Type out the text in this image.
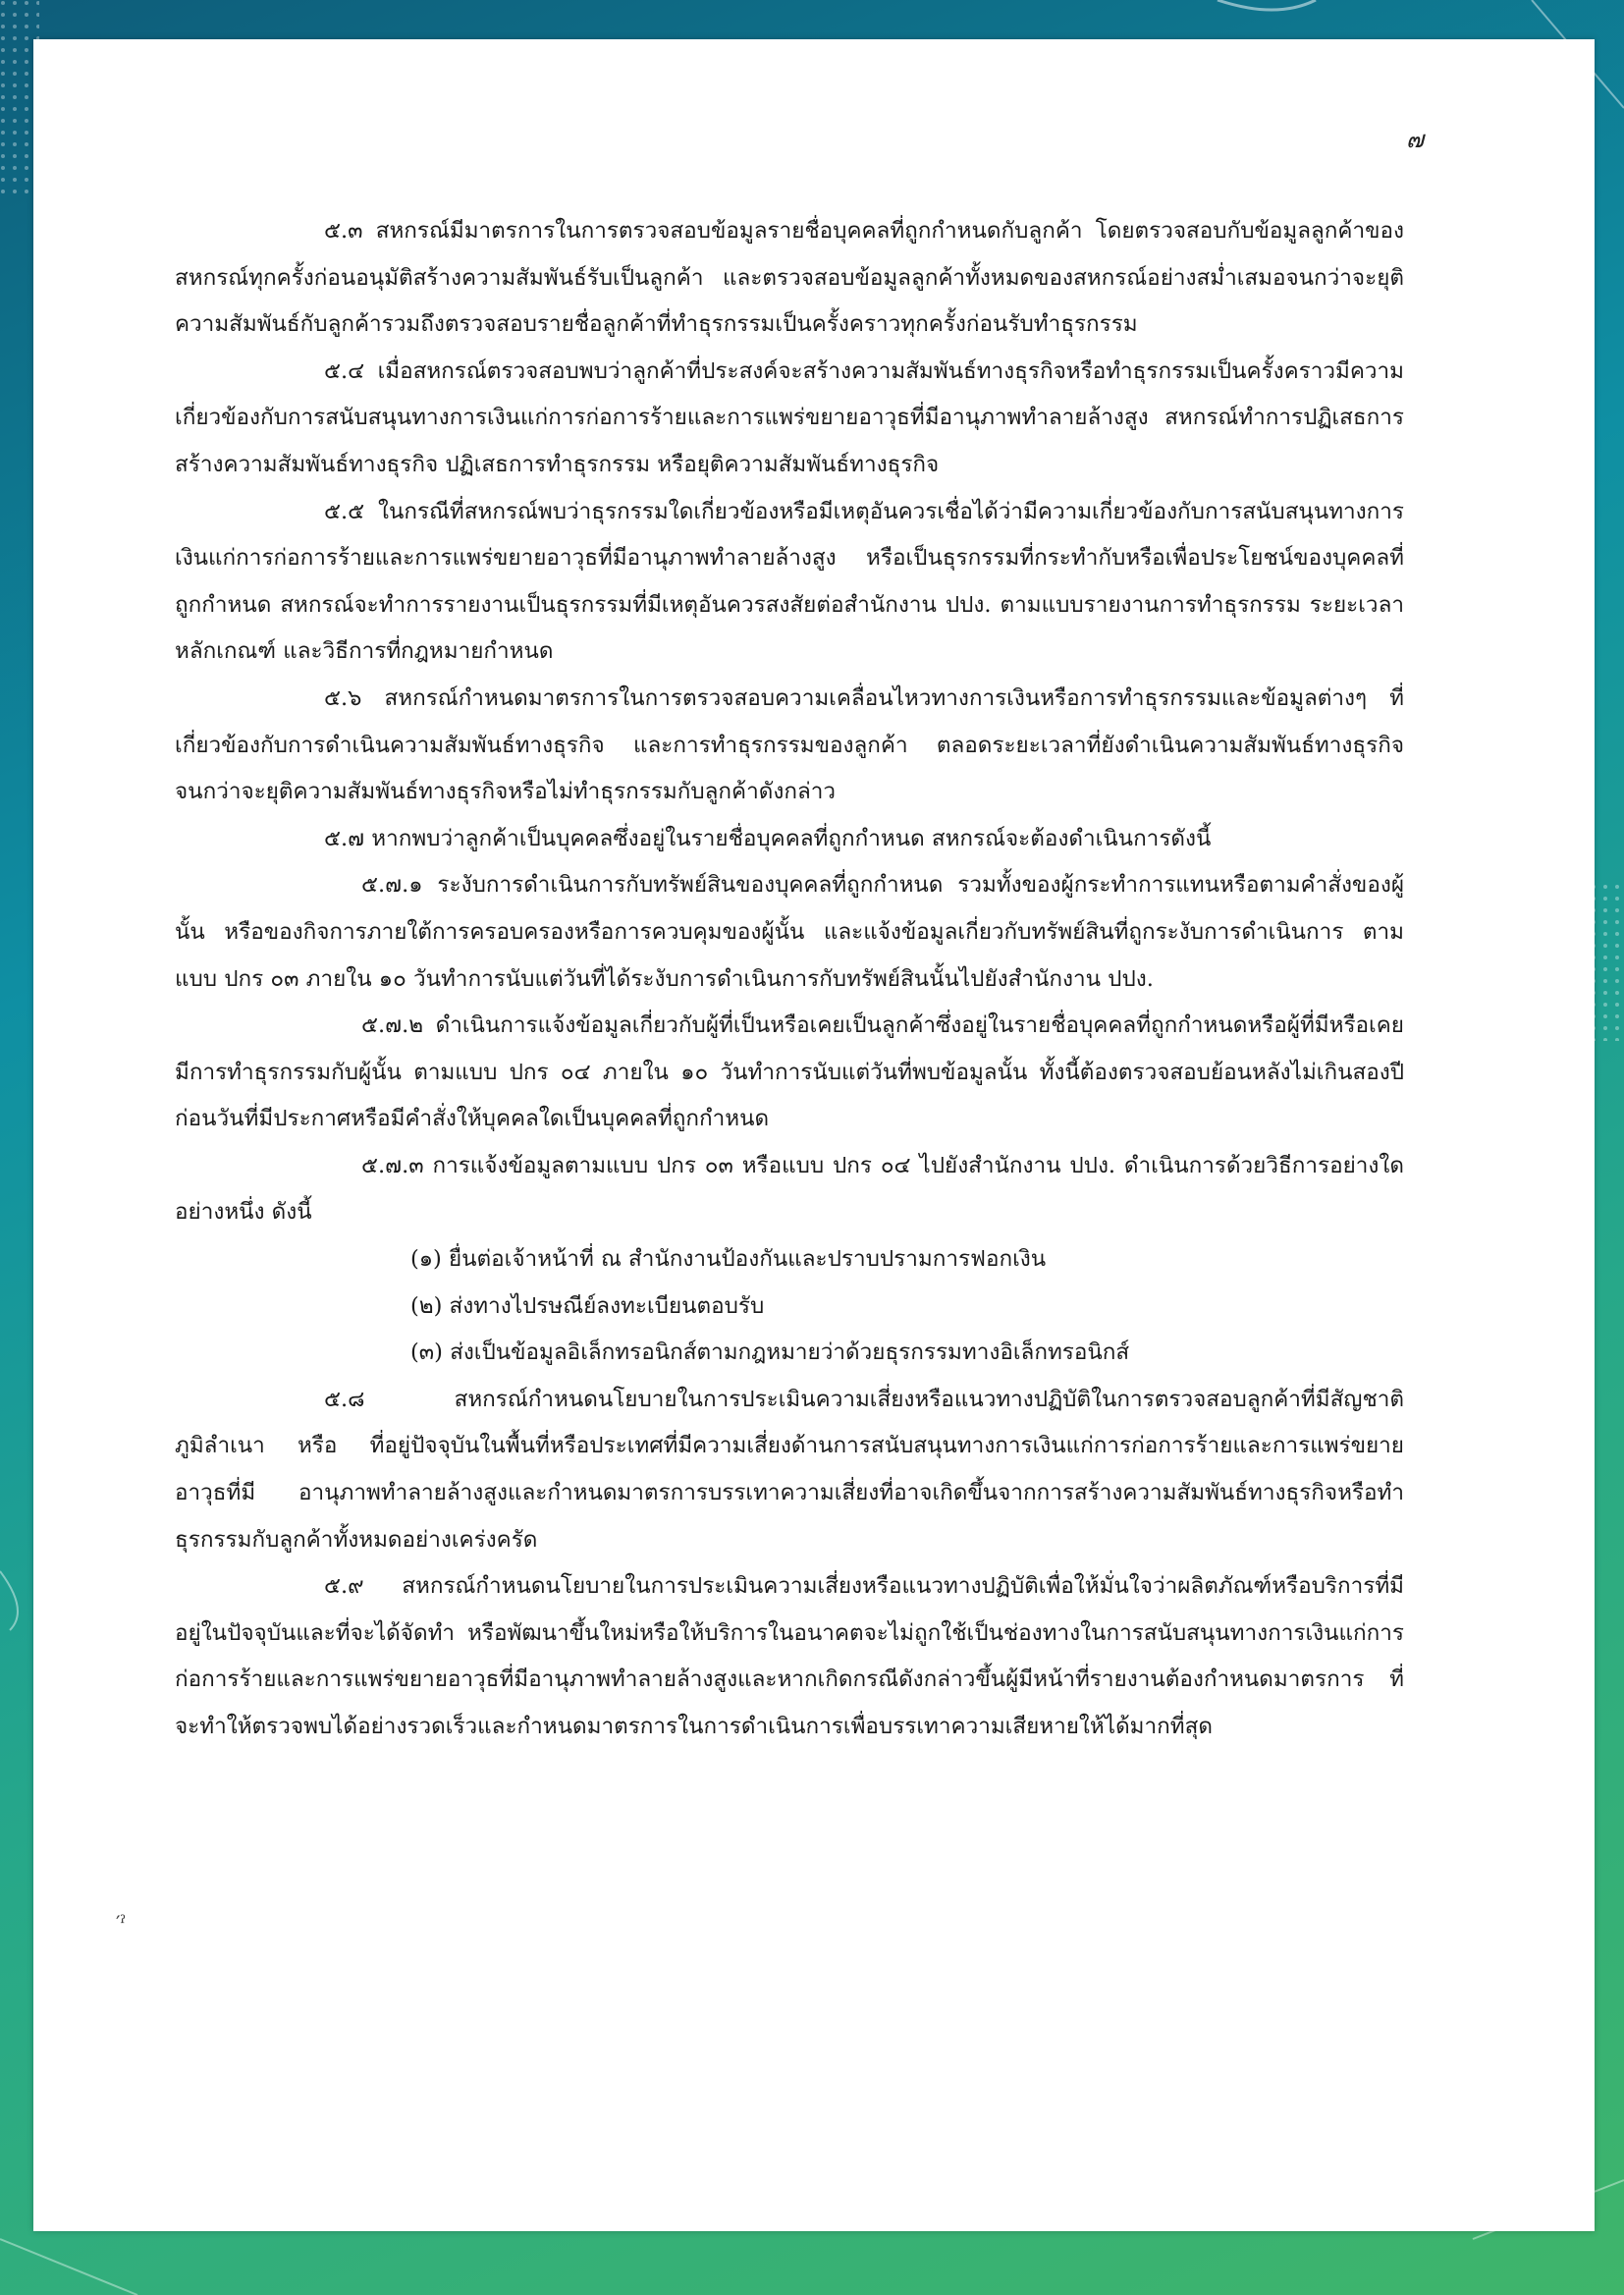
๗

๕.๓ สหกรณ์มีมาตรการในการตรวจสอบข้อมูลรายชื่อบุคคลที่ถูกกำหนดกับลูกค้า โดยตรวจสอบกับข้อมูลลูกค้าของสหกรณ์ทุกครั้งก่อนอนุมัติสร้างความสัมพันธ์รับเป็นลูกค้า และตรวจสอบข้อมูลลูกค้าทั้งหมดของสหกรณ์อย่างสม่ำเสมอจนกว่าจะยุติ ความสัมพันธ์กับลูกค้ารวมถึงตรวจสอบรายชื่อลูกค้าที่ทำธุรกรรมเป็นครั้งคราวทุกครั้งก่อนรับทำธุรกรรม

๕.๔ เมื่อสหกรณ์ตรวจสอบพบว่าลูกค้าที่ประสงค์จะสร้างความสัมพันธ์ทางธุรกิจหรือทำธุรกรรมเป็นครั้งคราวมีความเกี่ยวข้องกับการสนับสนุนทางการเงินแก่การก่อการร้ายและการแพร่ขยายอาวุธที่มีอานุภาพทำลายล้างสูง สหกรณ์ทำการปฏิเสธการสร้างความสัมพันธ์ทางธุรกิจ ปฏิเสธการทำธุรกรรม หรือยุติความสัมพันธ์ทางธุรกิจ

๕.๕ ในกรณีที่สหกรณ์พบว่าธุรกรรมใดเกี่ยวข้องหรือมีเหตุอันควรเชื่อได้ว่ามีความเกี่ยวข้องกับการสนับสนุนทางการเงินแก่การก่อการร้ายและการแพร่ขยายอาวุธที่มีอานุภาพทำลายล้างสูง หรือเป็นธุรกรรมที่กระทำกับหรือเพื่อประโยชน์ของบุคคลที่ถูกกำหนด สหกรณ์จะทำการรายงานเป็นธุรกรรมที่มีเหตุอันควรสงสัยต่อสำนักงาน ปปง. ตามแบบรายงานการทำธุรกรรม ระยะเวลา หลักเกณฑ์ และวิธีการที่กฎหมายกำหนด

๕.๖ สหกรณ์กำหนดมาตรการในการตรวจสอบความเคลื่อนไหวทางการเงินหรือการทำธุรกรรมและข้อมูลต่างๆ ที่เกี่ยวข้องกับการดำเนินความสัมพันธ์ทางธุรกิจ และการทำธุรกรรมของลูกค้า ตลอดระยะเวลาที่ยังดำเนินความสัมพันธ์ทางธุรกิจ จนกว่าจะยุติความสัมพันธ์ทางธุรกิจหรือไม่ทำธุรกรรมกับลูกค้าดังกล่าว

๕.๗ หากพบว่าลูกค้าเป็นบุคคลซึ่งอยู่ในรายชื่อบุคคลที่ถูกกำหนด สหกรณ์จะต้องดำเนินการดังนี้

๕.๗.๑ ระงับการดำเนินการกับทรัพย์สินของบุคคลที่ถูกกำหนด รวมทั้งของผู้กระทำการแทนหรือตามคำสั่งของผู้นั้น หรือของกิจการภายใต้การครอบครองหรือการควบคุมของผู้นั้น และแจ้งข้อมูลเกี่ยวกับทรัพย์สินที่ถูกระงับการดำเนินการ ตามแบบ ปกร ๐๓ ภายใน ๑๐ วันทำการนับแต่วันที่ได้ระงับการดำเนินการกับทรัพย์สินนั้นไปยังสำนักงาน ปปง.

๕.๗.๒ ดำเนินการแจ้งข้อมูลเกี่ยวกับผู้ที่เป็นหรือเคยเป็นลูกค้าซึ่งอยู่ในรายชื่อบุคคลที่ถูกกำหนดหรือผู้ที่มีหรือเคยมีการทำธุรกรรมกับผู้นั้น ตามแบบ ปกร ๐๔ ภายใน ๑๐ วันทำการนับแต่วันที่พบข้อมูลนั้น ทั้งนี้ต้องตรวจสอบย้อนหลังไม่เกินสองปีก่อนวันที่มีประกาศหรือมีคำสั่งให้บุคคลใดเป็นบุคคลที่ถูกกำหนด

๕.๗.๓ การแจ้งข้อมูลตามแบบ ปกร ๐๓ หรือแบบ ปกร ๐๔ ไปยังสำนักงาน ปปง. ดำเนินการด้วยวิธีการอย่างใดอย่างหนึ่ง ดังนี้

(๑) ยื่นต่อเจ้าหน้าที่ ณ สำนักงานป้องกันและปราบปรามการฟอกเงิน

(๒) ส่งทางไปรษณีย์ลงทะเบียนตอบรับ

(๓) ส่งเป็นข้อมูลอิเล็กทรอนิกส์ตามกฎหมายว่าด้วยธุรกรรมทางอิเล็กทรอนิกส์

๕.๘ สหกรณ์กำหนดนโยบายในการประเมินความเสี่ยงหรือแนวทางปฏิบัติในการตรวจสอบลูกค้าที่มีสัญชาติ ภูมิลำเนา หรือ ที่อยู่ปัจจุบันในพื้นที่หรือประเทศที่มีความเสี่ยงด้านการสนับสนุนทางการเงินแก่การก่อการร้ายและการแพร่ขยายอาวุธที่มี อานุภาพทำลายล้างสูงและกำหนดมาตรการบรรเทาความเสี่ยงที่อาจเกิดขึ้นจากการสร้างความสัมพันธ์ทางธุรกิจหรือทำธุรกรรมกับลูกค้าทั้งหมดอย่างเคร่งครัด

๕.๙ สหกรณ์กำหนดนโยบายในการประเมินความเสี่ยงหรือแนวทางปฏิบัติเพื่อให้มั่นใจว่าผลิตภัณฑ์หรือบริการที่มี อยู่ในปัจจุบันและที่จะได้จัดทำ หรือพัฒนาขึ้นใหม่หรือให้บริการในอนาคตจะไม่ถูกใช้เป็นช่องทางในการสนับสนุนทางการเงินแก่การก่อการร้ายและการแพร่ขยายอาวุธที่มีอานุภาพทำลายล้างสูงและหากเกิดกรณีดังกล่าวขึ้นผู้มีหน้าที่รายงานต้องกำหนดมาตรการ ที่จะทำให้ตรวจพบได้อย่างรวดเร็วและกำหนดมาตรการในการดำเนินการเพื่อบรรเทาความเสียหายให้ได้มากที่สุด

′ˀ
